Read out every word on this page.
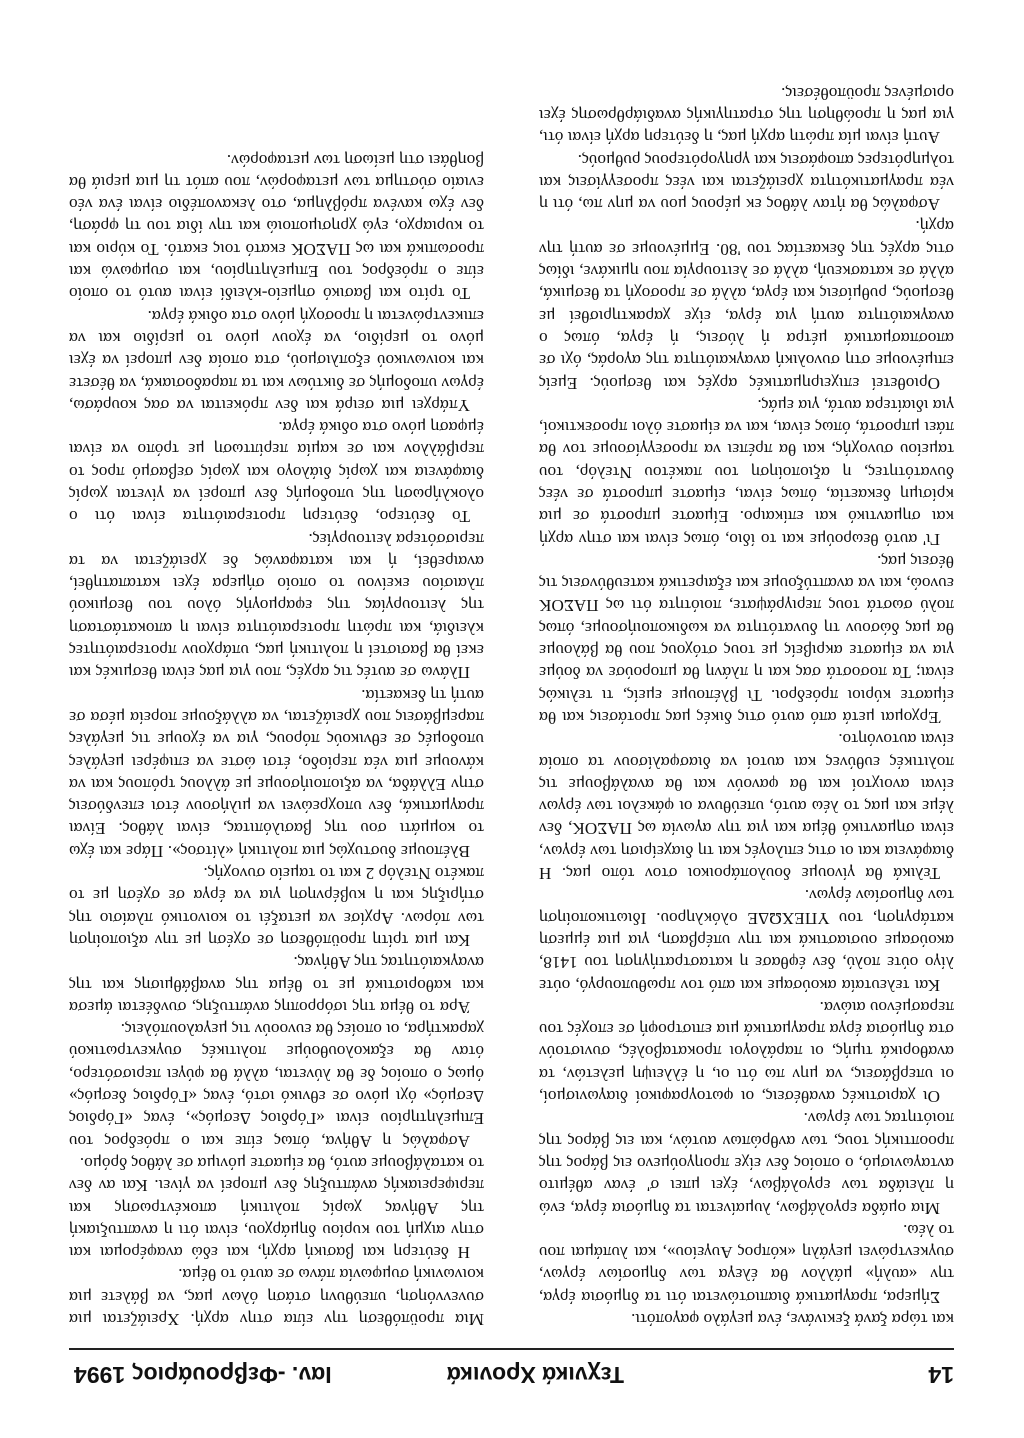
14
Τεχνικά Χρονικά
Ιαν. -Φεβρουάριος 1994

και τώρα ξανά ξεκινάνε, ένα μεγάλο φαγοπότι.

Σήμερα, πραγματικά διαπιστώνεται ότι τα δημόσια έργα, την «αυλή» μάλλον θα έλεγα των δημοσίων έργων, συγκεντρώνει μεγάλη «κόπρος Αυγείου», και λυπάμαι που το λέω.

Μια ομάδα εργολάβων, λυμαίνεται τα δημόσια έργα, ενώ η πλειάδα των εργολάβων, έχει μπει σ' έναν αθέμιτο ανταγωνισμό, ο οποίος δεν είχε προηγούμενο εις βάρος της προοπτικής τους, των ανθρώπων αυτών, και εις βάρος της ποιότητας των έργων.

Οι χαριστικές αναθέσεις, οι φωτογραφικοί διαγωνισμοί, οι υπερβάσεις, να μην πω ότι οι, η έλλειψη μελετών, τα αναθορικά τιμής, οι παράλογοι προκαταβολές, συνιστούν στα δημόσια έργα πραγματικά μια επιστροφή σε εποχές του περασμένου αιώνα.

Και τελευταία ακούσαμε και από τον πρωθυπουργό, ούτε λίγο ούτε πολύ, δεν έφθασε η καταστρατήγηση του 1418, ακούσαμε ουσιαστικά και την υπέρβαση, για μια έμμεση κατάργηση, του ΥΠΕΧΩΔΕ ολόκληρου. Ιδιωτικοποίηση των δημοσίων έργων.

Τελικά θα γίνουμε δουλοπάροικοι στον τόπο μας. Η διαφάνεια και οι στις επιλογές και τη διαχείριση των έργων, είναι σημαντικό θέμα και για την αγωνία ως ΠΑΣΟΚ, δεν λέμε και μας το λέω αυτό, υπεύθυνα οι φάκελοι των έργων είναι ανοιχτοί και θα φανούν και θα αναλάβουμε τις πολιτικές ευθύνες και αυτοί να διασφαλίσουν τα οποία είναι αυτονόητο.

Έρχομαι μετά από αυτό στις δικές μας προτάσεις και θα είμαστε κύριοι πρόεδροι. Τι βλέπουμε εμείς, τι τελικώς είναι; Τα ποσοστά σας και η πλάνη θα μπορούσε να δούμε για να είμαστε ακριβείς με τους στόχους που θα βάλουμε θα μας δώσουν τη δυνατότητα να κωδικοποιήσουμε, όπως πολύ σωστά τους περιγράψατε, ποιότητα ότι ως ΠΑΣΟΚ ευνοώ, και να αναπτύξουμε και εξαιρετικά κατευθύνσεις τις θέσεις μας.

Γι' αυτό θεωρούμε και το ίδιο, όπως είναι και στην αρχή και σημαντικό και επίκαιρο. Είμαστε μπροστά σε μια κρίσιμη δεκαετία, όπως είναι, είμαστε μπροστά σε νέες δυνατότητες, η αξιοποίηση του πακέτου Ντελόρ, του ταμείου συνοχής, και θα πρέπει να προσεγγίσουμε τον θα πάει μπροστά, όπως είναι, και να είμαστε όλοι προσεκτικοί, για ιδιαίτερα αυτά, για εμάς.

Οριοθετεί επιχειρηματικές αρχές και θεσμούς. Εμείς επιμένουμε στη συνολική αναγκαιότητα της αγοράς, όχι σε αποσπασματικά μέτρα ή λύσεις, ή έργα, όπως ο αναγκαιότητα αυτή για έργα, είχε χαρακτηρισθεί με θεσμούς, ρυθμίσεις και έργα, αλλά σε προσοχή τα θεσμικά, αλλά σε κατασκευή, αλλά σε λειτουργία που ημικάνε, ιδίως στις αρχές της δεκαετίας του '80. Εμμένουμε σε αυτή την αρχή.

Ασφαλώς θα ήταν λάθος εκ μέρους μου να μην πω, ότι η νέα πραγματικότητα χρειάζεται και νέες προσεγγίσεις και τολμηρότερες αποφάσεις και γρηγορότερους ρυθμούς.

Αυτή είναι μία πρώτη αρχή μας, η δεύτερη αρχή είναι ότι, για μας η προώθηση της στρατηγικής αναδιάρθρωσης έχει ορισμένες προϋποθέσεις.

Μια προϋπόθεση την είπα στην αρχή. Χρειάζεται μια συνεννόηση, υπεύθυνη στάση όλων μας, να βάλετε μια κοινωνική συμφωνία πάνω σε αυτό το θέμα.

Η δεύτερη και βασική αρχή, και εδώ αναφέρομαι και στην αιχμή του κυρίου δημάρχου, είναι ότι η αναπτυξιακή της Αθήνας χωρίς πολιτική αποκέντρωσης και περιφερειακής ανάπτυξης δεν μπορεί να γίνει. Και αν δεν το καταλάβουμε αυτό, θα είμαστε μόνιμα σε λάθος δρόμο.

Ασφαλώς η Αθήνα, όπως είπε και ο πρόεδρος του Επιμελητηρίου είναι «Γόρδιος Δεσμός», ένας «Γόρδιος Δεσμός» όχι μόνο σε εθνικό ιστό, ένας «Γόρδιος δεσμός» όμως ο οποίος δε θα λύνεται, αλλά θα φύγει περισσότερο, όταν θα εξακολουθούμε πολιτικές συγκεντρωτικού χαρακτήρα, οι οποίες θα ευνοούν τις μεγαλουπόλεις.

Άρα το θέμα της ισόρροπης ανάπτυξης, συνδέεται άμεσα και καθοριστικά με το θέμα της αναβάθμισης και της αναγκαιότητας της Αθήνας.

Και μια τρίτη προϋπόθεση σε σχέση με την αξιοποίηση των πόρων. Αρχίσε να μεταξέι το κοινοτικό πλαίσιο της στήριξης και η κυβέρνηση για να έργα σε σχέση με το πακέτο Ντελόρ 2 και το ταμείο συνοχής.

Βλέπουμε δυστυχώς μια πολιτική «λίτσος». Πάρε και έχω το κομμάτι σου της βασιλόπιτας, είναι λάθος. Είναι πραγματικά, δεν υποχρεώνει να μιλήσουν έτσι επενδύσεις στην Ελλάδα, να αξιοποιήσουμε με άλλους τρόπους και να κάνουμε μια νέα περίοδο, έτσι ώστε να επιφέρει μεγάλες υποδομές σε εθνικούς πόρους, για να έχουμε τις μεγάλες παρεμβάσεις που χρειάζεται, να αλλάξουμε πορεία μέσα σε αυτή τη δεκαετία.

Πλάνω σε αυτές τις αρχές, που για μας είναι θεσμικές και εκεί θα βασιστεί η πολιτική μας, υπάρχουν προτεραιότητες κλειδιά, και πρώτη προτεραιότητα είναι η αποκατάσταση της λειτουργίας της εφαρμογής όλου του θεσμικού πλαισίου εκείνου το οποίο σήμερα έχει καταπατηθεί, αναιρεθεί, ή και καταφανώς δε χρειάζεται να τα περισσότερα λειτουργίες.

Το δεύτερο, δεύτερη προτεραιότητα είναι ότι ο ολοκλήρωση της υποδομής δεν μπορεί να γίνεται χωρίς διαφάνεια και χωρίς διάλογο και χωρίς σεβασμό προς το περιβάλλον και σε καμία περίπτωση με τρόπο να είναι έμφαση μόνο στα οδικά έργα.

Υπάρχει μια σειρά και δεν πρόκειται να σας κουράσω, έργων υποδομής σε δικτύων και τα παραδοσιακά, να θέσετε και κοινωνικού εξοπλισμού, στα οποία δεν μπορεί να έχει μόνο το μερίδιο, να έχουν μόνο το μερίδιο και να επικεντρώνεται η προσοχή μόνο στα οδικά έργα.

Το τρίτο και βασικό σημείο-κλειδί είναι αυτό το οποίο είπε ο πρόεδρος του Επιμελητηρίου, και συμφωνώ και προσωπικά και ως ΠΑΣΟΚ εκατό τοις εκατό. Το κύριο και το κυριαρχο, εγώ χρησιμοποιώ και την ίδια του τη φράση, δεν έχω κανένα πρόβλημα, στο λεκανοπέδιο είναι ένα νέο ενιαίο σύστημα των μεταφορών, που απότ τη μια μεριά θα βοηθάει στη μείωση των μεταφορών.
